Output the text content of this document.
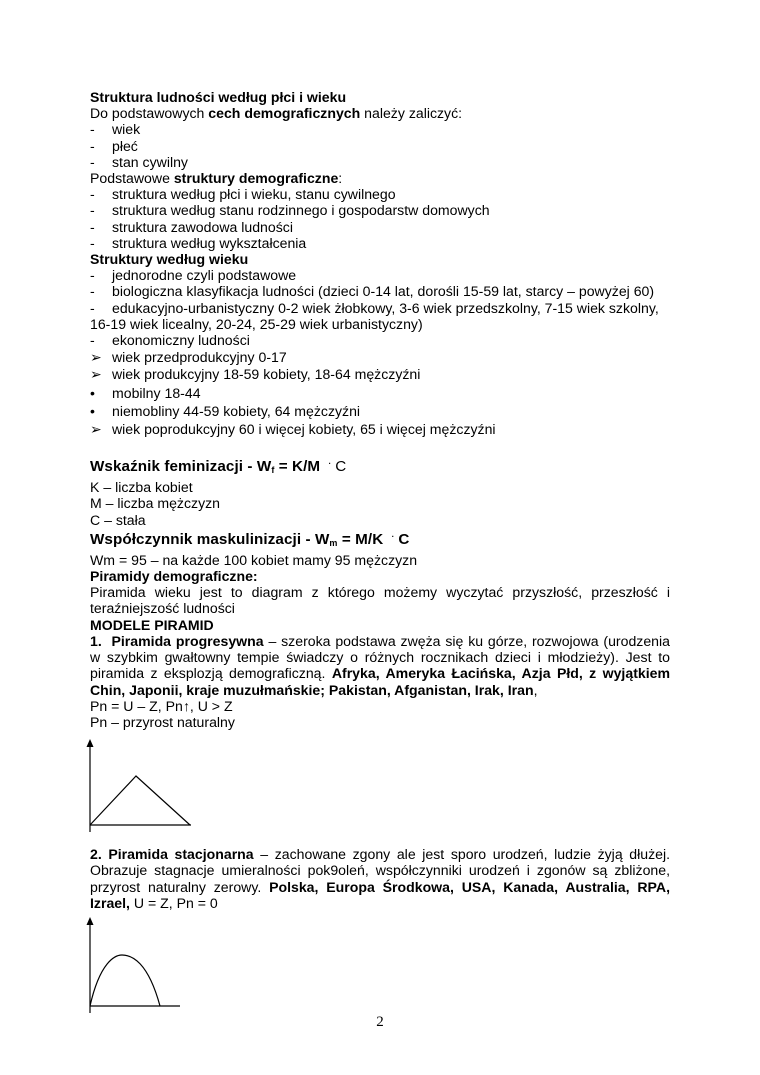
Struktura ludności według płci i wieku
Do podstawowych cech demograficznych należy zaliczyć:
- wiek
- płeć
- stan cywilny
Podstawowe struktury demograficzne:
- struktura według płci i wieku, stanu cywilnego
- struktura według stanu rodzinnego i gospodarstw domowych
- struktura zawodowa ludności
- struktura według wykształcenia
Struktury według wieku
- jednorodne czyli podstawowe
- biologiczna klasyfikacja ludności (dzieci 0-14 lat, dorośli 15-59 lat, starcy – powyżej 60)
- edukacyjno-urbanistyczny 0-2 wiek żłobkowy, 3-6 wiek przedszkolny, 7-15 wiek szkolny,
16-19 wiek licealny, 20-24, 25-29 wiek urbanistyczny)
- ekonomiczny ludności
➢ wiek przedprodukcyjny 0-17
➢ wiek produkcyjny 18-59 kobiety, 18-64 mężczyźni
• mobilny 18-44
• niemobliny 44-59 kobiety, 64 mężczyźni
➢ wiek poprodukcyjny 60 i więcej kobiety, 65 i więcej mężczyźni
Wskaźnik feminizacji - $W_f = K/M \cdot C$
K – liczba kobiet
M – liczba mężczyzn
C – stała
Współczynnik maskulinizacji - $W_m = M/K \cdot C$
Wm = 95 – na każde 100 kobiet mamy 95 mężczyzn
Piramidy demograficzne:
Piramida wieku jest to diagram z którego możemy wyczytać przyszłość, przeszłość i teraźniejszość ludności
MODELE PIRAMID
1. Piramida progresywna – szeroka podstawa zwęża się ku górze, rozwojowa (urodzenia w szybkim gwałtowny tempie świadczy o różnych rocznikach dzieci i młodzieży). Jest to piramida z eksplozją demograficzną. Afryka, Ameryka Łacińska, Azja Płd, z wyjątkiem Chin, Japonii, kraje muzułmańskie; Pakistan, Afganistan, Irak, Iran,
Pn = U – Z, Pn↑, U > Z
Pn – przyrost naturalny
2. Piramida stacjonarna – zachowane zgony ale jest sporo urodzeń, ludzie żyją dłużej. Obrazuje stagnacje umieralności pok9oleń, współczynniki urodzeń i zgonów są zbliżone, przyrost naturalny zerowy. Polska, Europa Środkowa, USA, Kanada, Australia, RPA, Izrael, U = Z, Pn = 0
2
